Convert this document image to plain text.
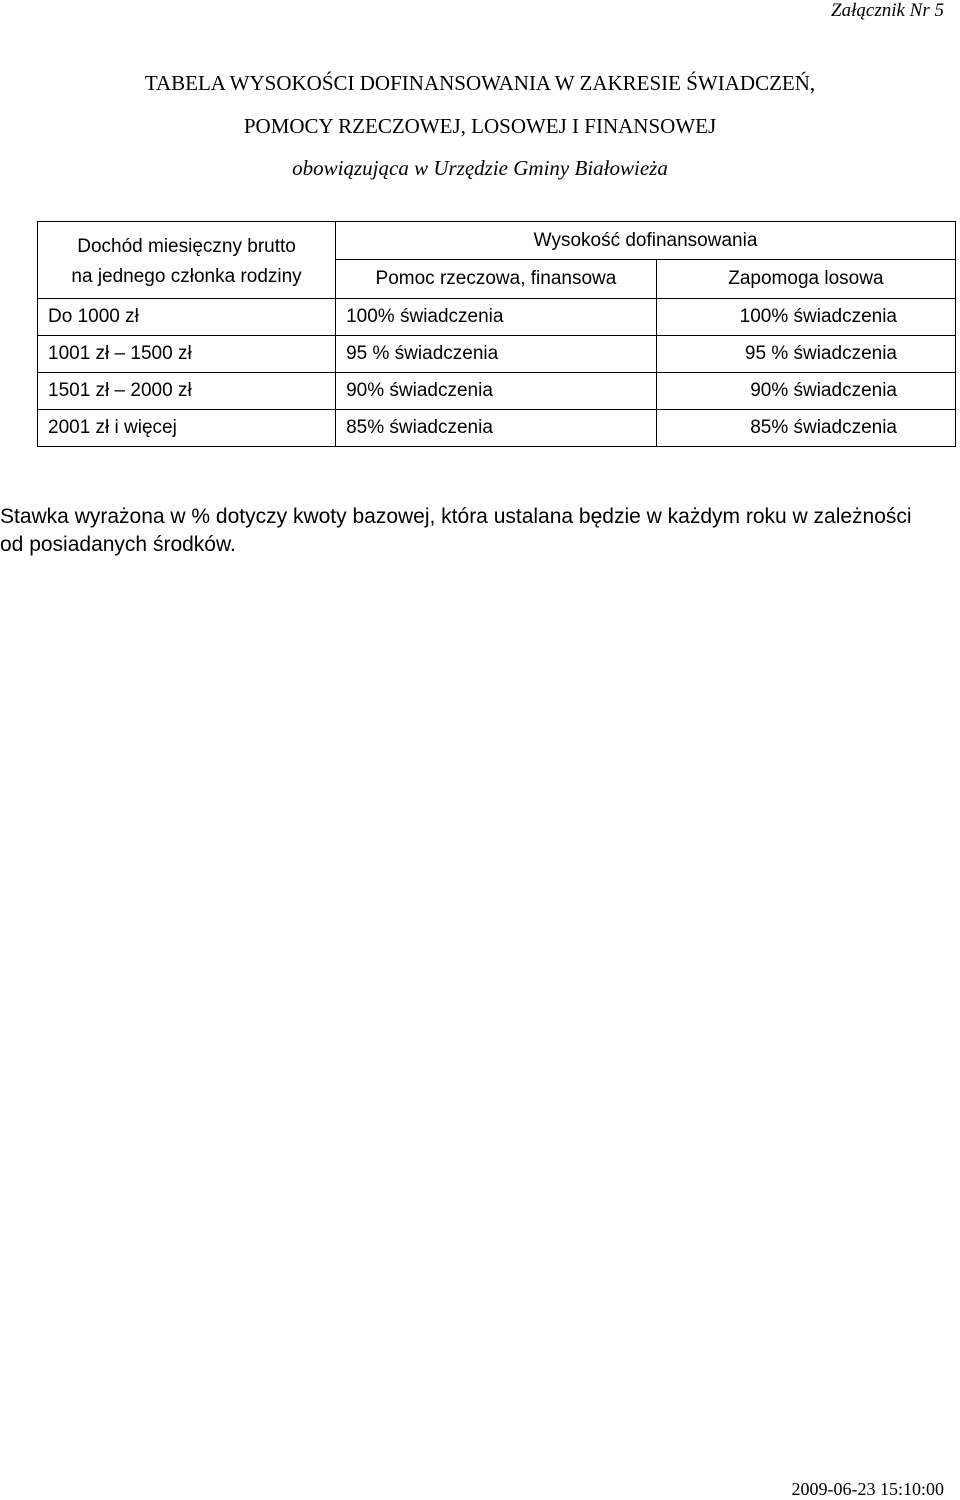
Załącznik Nr 5
TABELA WYSOKOŚCI DOFINANSOWANIA W ZAKRESIE ŚWIADCZEŃ,
POMOCY RZECZOWEJ, LOSOWEJ I FINANSOWEJ
obowiązująca w Urzędzie Gminy Białowieża
Dochód miesięczny brutto
na jednego członka rodziny	Wysokość dofinansowania	
	Pomoc rzeczowa, finansowa	Zapomoga losowa
Do 1000 zł	100% świadczenia	100% świadczenia
1001 zł – 1500 zł	95 % świadczenia	95 % świadczenia
1501 zł – 2000 zł	90% świadczenia	90% świadczenia
2001 zł i więcej	85% świadczenia	85% świadczenia
Stawka wyrażona w % dotyczy kwoty bazowej, która ustalana będzie w każdym roku w zależności od posiadanych środków.
2009-06-23 15:10:00
